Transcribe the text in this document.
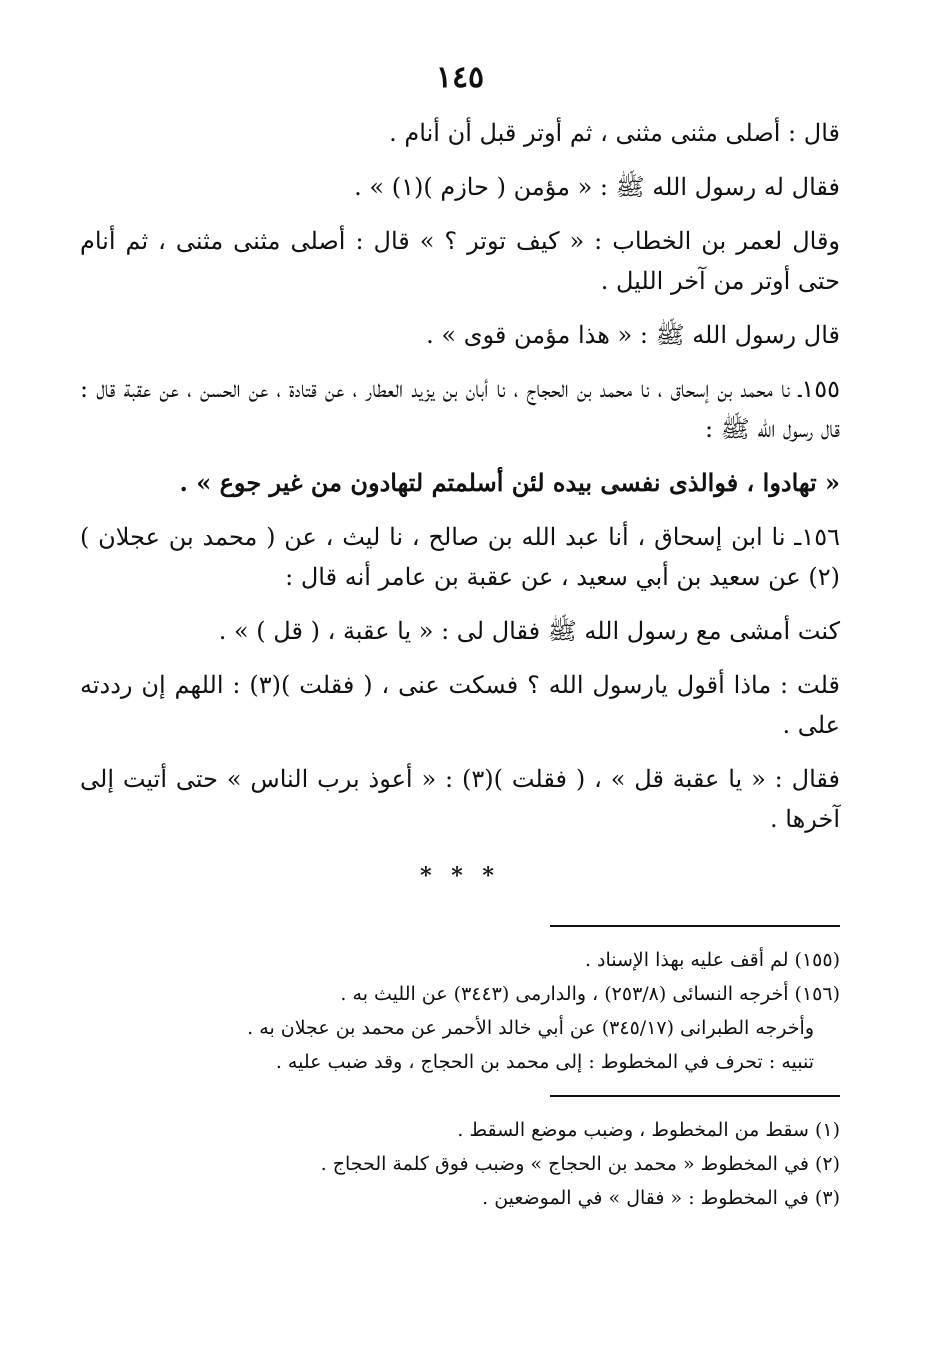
١٤٥

قال : أصلى مثنى مثنى ، ثم أوتر قبل أن أنام .

فقال له رسول الله ﷺ : « مؤمن ( حازم )(١) » .

وقال لعمر بن الخطاب : « كيف توتر ؟ » قال : أصلى مثنى مثنى ، ثم أنام حتى أوتر من آخر الليل .

قال رسول الله ﷺ : « هذا مؤمن قوى » .

١٥٥ـ نا محمد بن إسحاق ، نا محمد بن الحجاج ، نا أبان بن يزيد العطار ، عن قتادة ، عن الحسن ، عن عقبة قال : قال رسول الله ﷺ :

« تهادوا ، فوالذى نفسى بيده لئن أسلمتم لتهادون من غير جوع » .

١٥٦ـ نا ابن إسحاق ، أنا عبد الله بن صالح ، نا ليث ، عن ( محمد بن عجلان )(٢) عن سعيد بن أبي سعيد ، عن عقبة بن عامر أنه قال :

كنت أمشى مع رسول الله ﷺ فقال لى : « يا عقبة ، ( قل ) » .

قلت : ماذا أقول يارسول الله ؟ فسكت عنى ، ( فقلت )(٣) : اللهم إن رددته على .

فقال : « يا عقبة قل » ، ( فقلت )(٣) : « أعوذ برب الناس » حتى أتيت إلى آخرها .

* * *

(١٥٥) لم أقف عليه بهذا الإسناد .

(١٥٦) أخرجه النسائى (٢٥٣/٨) ، والدارمى (٣٤٤٣) عن الليث به .

وأخرجه الطبرانى (٣٤٥/١٧) عن أبي خالد الأحمر عن محمد بن عجلان به .

تنبيه : تحرف في المخطوط : إلى محمد بن الحجاج ، وقد ضبب عليه .

(١) سقط من المخطوط ، وضبب موضع السقط .

(٢) في المخطوط « محمد بن الحجاج » وضبب فوق كلمة الحجاج .

(٣) في المخطوط : « فقال » في الموضعين .
